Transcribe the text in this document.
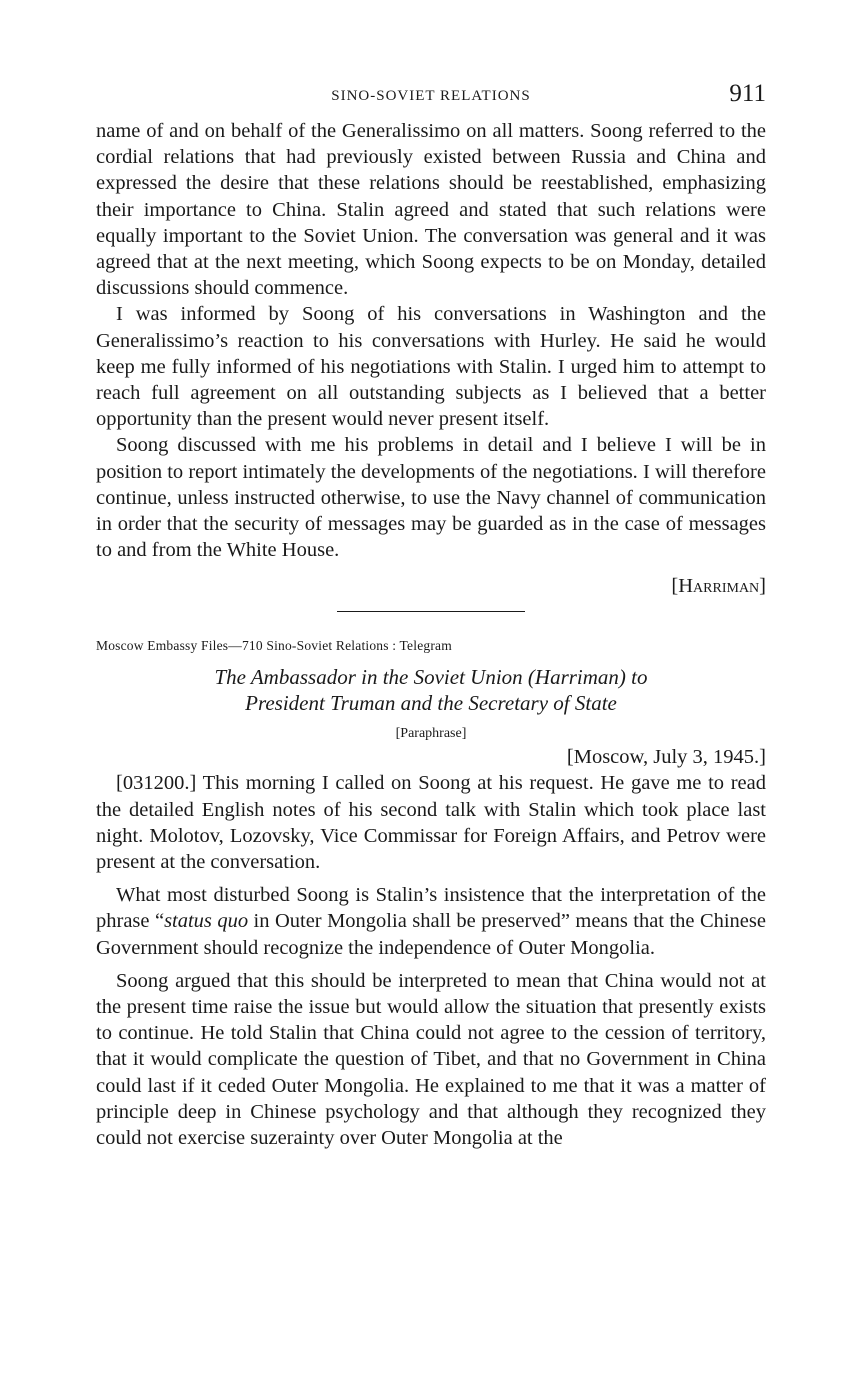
SINO-SOVIET RELATIONS	911

name of and on behalf of the Generalissimo on all matters. Soong referred to the cordial relations that had previously existed between Russia and China and expressed the desire that these relations should be reestablished, emphasizing their importance to China. Stalin agreed and stated that such relations were equally important to the Soviet Union. The conversation was general and it was agreed that at the next meeting, which Soong expects to be on Monday, detailed discussions should commence.

I was informed by Soong of his conversations in Washington and the Generalissimo’s reaction to his conversations with Hurley. He said he would keep me fully informed of his negotiations with Stalin. I urged him to attempt to reach full agreement on all outstanding subjects as I believed that a better opportunity than the present would never present itself.

Soong discussed with me his problems in detail and I believe I will be in position to report intimately the developments of the negotiations. I will therefore continue, unless instructed otherwise, to use the Navy channel of communication in order that the security of messages may be guarded as in the case of messages to and from the White House.

[Harriman]
Moscow Embassy Files—710 Sino-Soviet Relations : Telegram
The Ambassador in the Soviet Union (Harriman) to
President Truman and the Secretary of State
[Paraphrase]
[Moscow, July 3, 1945.]

[031200.] This morning I called on Soong at his request. He gave me to read the detailed English notes of his second talk with Stalin which took place last night. Molotov, Lozovsky, Vice Commissar for Foreign Affairs, and Petrov were present at the conversation.

What most disturbed Soong is Stalin’s insistence that the interpretation of the phrase “status quo in Outer Mongolia shall be preserved” means that the Chinese Government should recognize the independence of Outer Mongolia.

Soong argued that this should be interpreted to mean that China would not at the present time raise the issue but would allow the situation that presently exists to continue. He told Stalin that China could not agree to the cession of territory, that it would complicate the question of Tibet, and that no Government in China could last if it ceded Outer Mongolia. He explained to me that it was a matter of principle deep in Chinese psychology and that although they recognized they could not exercise suzerainty over Outer Mongolia at the
